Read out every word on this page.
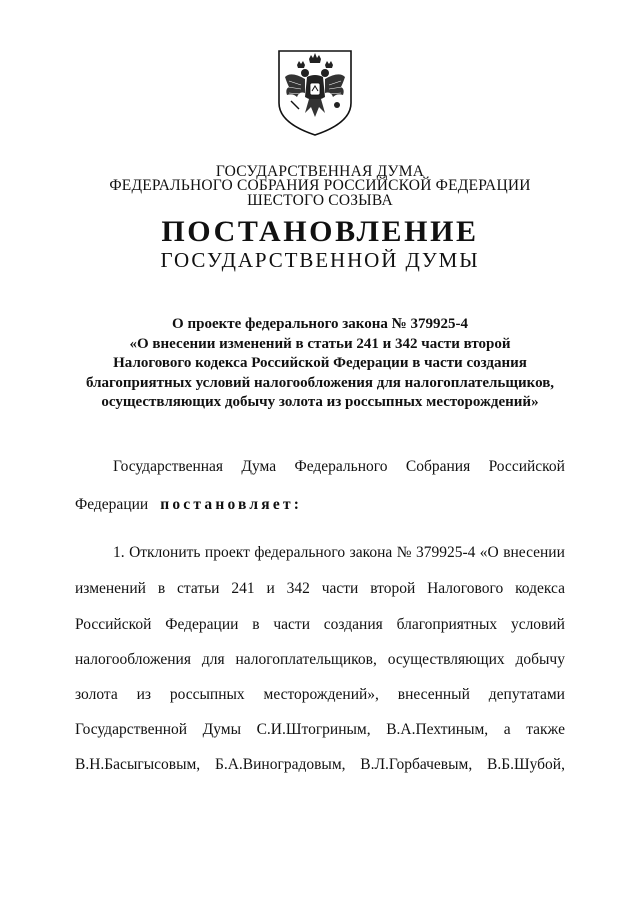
ГОСУДАРСТВЕННАЯ ДУМА
ФЕДЕРАЛЬНОГО СОБРАНИЯ РОССИЙСКОЙ ФЕДЕРАЦИИ
ШЕСТОГО СОЗЫВА
ПОСТАНОВЛЕНИЕ
ГОСУДАРСТВЕННОЙ ДУМЫ
О проекте федерального закона № 379925-4
«О внесении изменений в статьи 241 и 342 части второй
Налогового кодекса Российской Федерации в части создания
благоприятных условий налогообложения для налогоплательщиков,
осуществляющих добычу золота из россыпных месторождений»
Государственная Дума Федерального Собрания Российской
Федерации постановляет:
1. Отклонить проект федерального закона № 379925-4 «О внесении
изменений в статьи 241 и 342 части второй Налогового кодекса
Российской Федерации в части создания благоприятных условий
налогообложения для налогоплательщиков, осуществляющих добычу
золота из россыпных месторождений», внесенный депутатами
Государственной Думы С.И.Штогриным, В.А.Пехтиным, а также
В.Н.Басыгысовым, Б.А.Виноградовым, В.Л.Горбачевым, В.Б.Шубой,
